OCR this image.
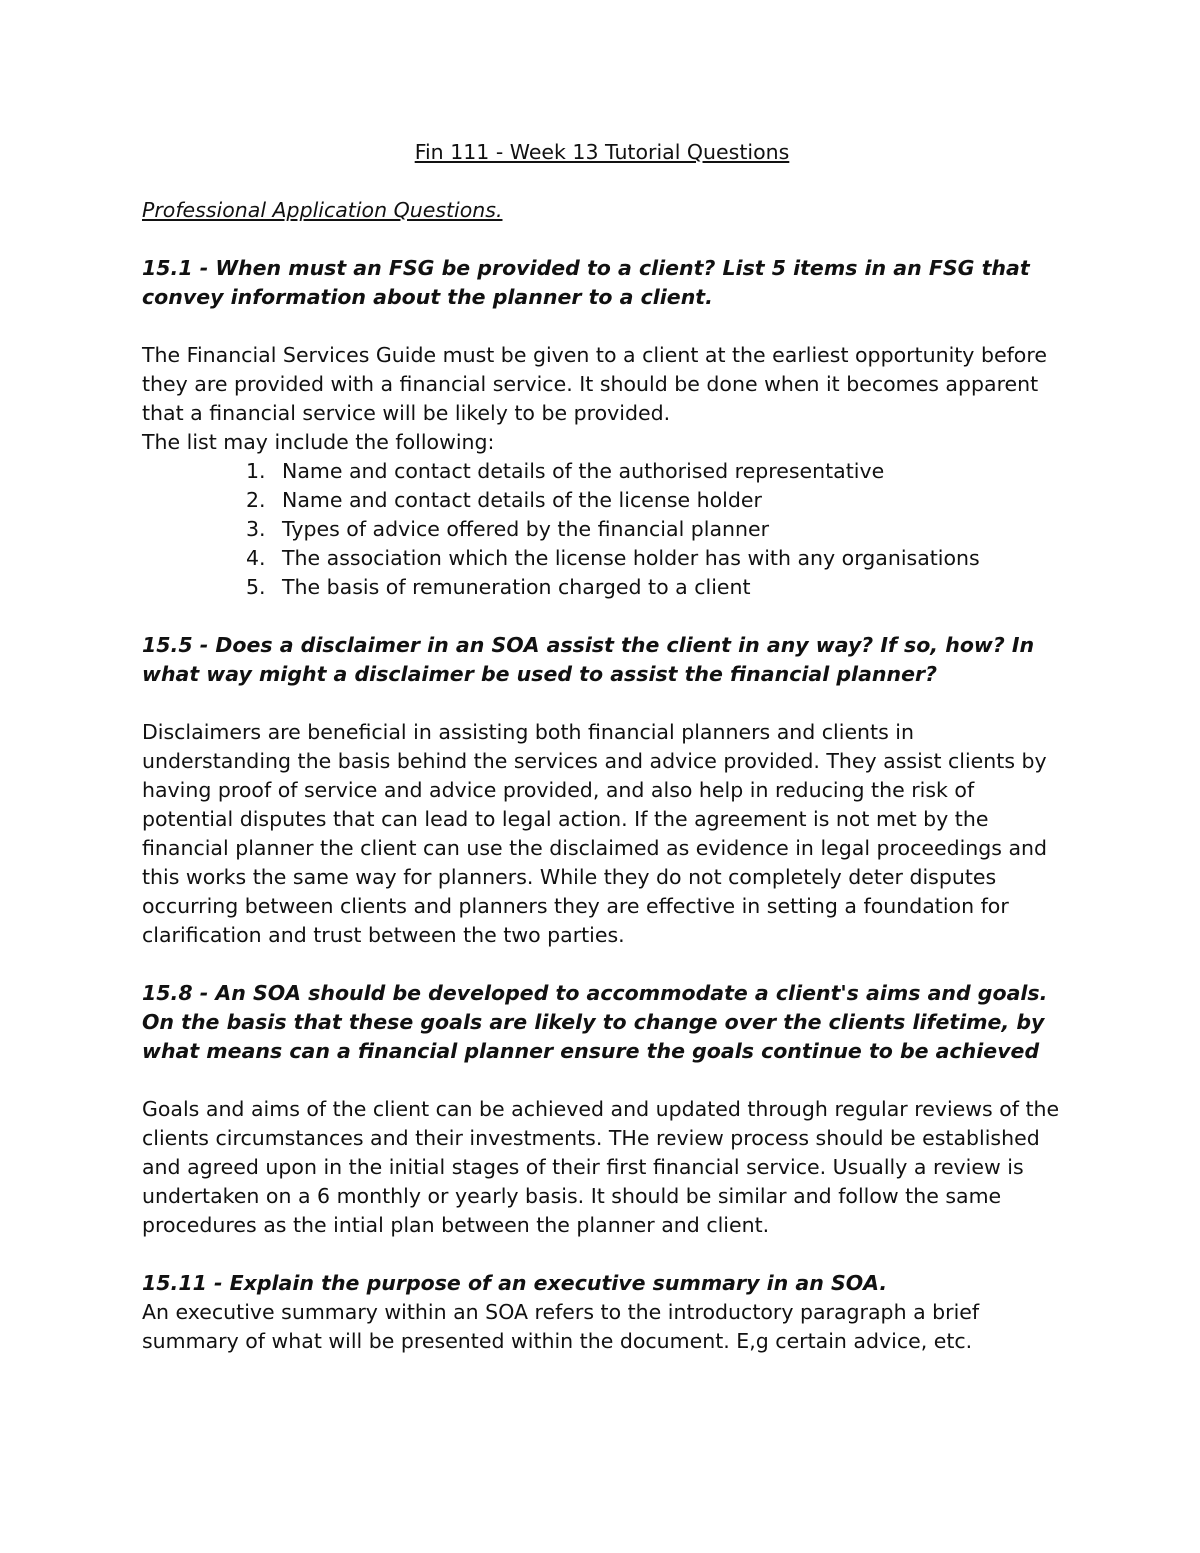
Fin 111 - Week 13 Tutorial Questions
Professional Application Questions.
15.1 - When must an FSG be provided to a client? List 5 items in an FSG that convey information about the planner to a client.

The Financial Services Guide must be given to a client at the earliest opportunity before they are provided with a financial service. It should be done when it becomes apparent that a financial service will be likely to be provided.

The list may include the following:

1. Name and contact details of the authorised representative
2. Name and contact details of the license holder
3. Types of advice offered by the financial planner
4. The association which the license holder has with any organisations
5. The basis of remuneration charged to a client
15.5 - Does a disclaimer in an SOA assist the client in any way? If so, how? In what way might a disclaimer be used to assist the financial planner?

Disclaimers are beneficial in assisting both financial planners and clients in understanding the basis behind the services and advice provided. They assist clients by having proof of service and advice provided, and also help in reducing the risk of potential disputes that can lead to legal action. If the agreement is not met by the financial planner the client can use the disclaimed as evidence in legal proceedings and this works the same way for planners. While they do not completely deter disputes occurring between clients and planners they are effective in setting a foundation for clarification and trust between the two parties.

15.8 - An SOA should be developed to accommodate a client's aims and goals. On the basis that these goals are likely to change over the clients lifetime, by what means can a financial planner ensure the goals continue to be achieved

Goals and aims of the client can be achieved and updated through regular reviews of the clients circumstances and their investments. THe review process should be established and agreed upon in the initial stages of their first financial service. Usually a review is undertaken on a 6 monthly or yearly basis. It should be similar and follow the same procedures as the intial plan between the planner and client.

15.11 - Explain the purpose of an executive summary in an SOA.

An executive summary within an SOA refers to the introductory paragraph a brief summary of what will be presented within the document. E,g certain advice, etc.
